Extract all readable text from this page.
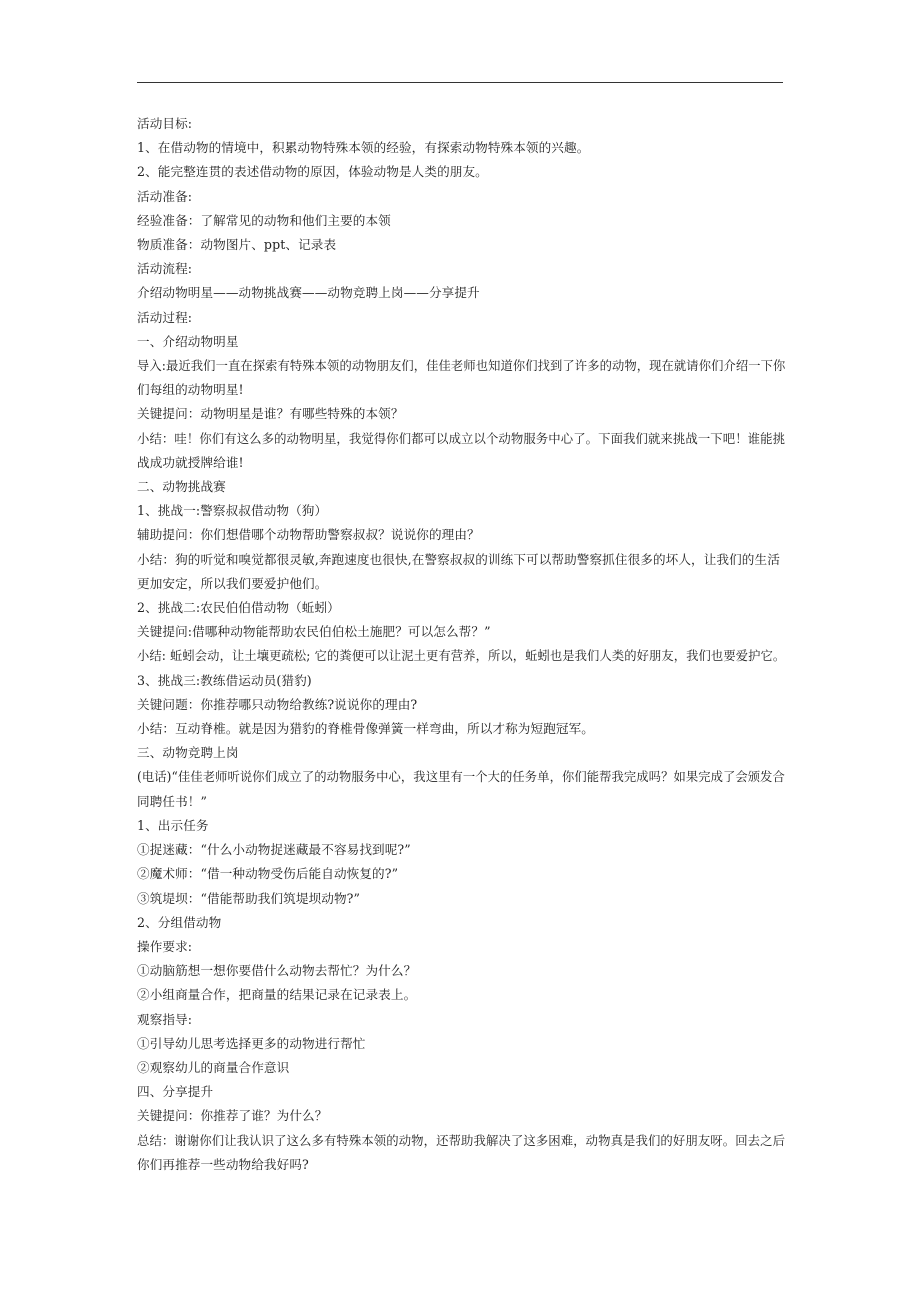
活动目标:
1、在借动物的情境中，积累动物特殊本领的经验，有探索动物特殊本领的兴趣。
2、能完整连贯的表述借动物的原因，体验动物是人类的朋友。
活动准备:
经验准备：了解常见的动物和他们主要的本领
物质准备：动物图片、ppt、记录表
活动流程:
介绍动物明星——动物挑战赛——动物竞聘上岗——分享提升
活动过程:
一、介绍动物明星
导入:最近我们一直在探索有特殊本领的动物朋友们，佳佳老师也知道你们找到了许多的动物，现在就请你们介绍一下你
们每组的动物明星!
关键提问：动物明星是谁？有哪些特殊的本领？
小结：哇！你们有这么多的动物明星，我觉得你们都可以成立以个动物服务中心了。下面我们就来挑战一下吧！谁能挑
战成功就授牌给谁!
二、动物挑战赛
1、挑战一:警察叔叔借动物（狗）
辅助提问：你们想借哪个动物帮助警察叔叔？说说你的理由？
小结：狗的听觉和嗅觉都很灵敏,奔跑速度也很快,在警察叔叔的训练下可以帮助警察抓住很多的坏人，让我们的生活
更加安定，所以我们要爱护他们。
2、挑战二:农民伯伯借动物（蚯蚓）
关键提问:借哪种动物能帮助农民伯伯松土施肥？可以怎么帮？”
小结: 蚯蚓会动，让土壤更疏松; 它的粪便可以让泥土更有营养，所以，蚯蚓也是我们人类的好朋友，我们也要爱护它。
3、挑战三:教练借运动员(猎豹)
关键问题：你推荐哪只动物给教练?说说你的理由?
小结：互动脊椎。就是因为猎豹的脊椎骨像弹簧一样弯曲，所以才称为短跑冠军。
三、动物竞聘上岗
(电话)“佳佳老师听说你们成立了的动物服务中心，我这里有一个大的任务单，你们能帮我完成吗？如果完成了会颁发合
同聘任书！”
1、出示任务
①捉迷藏：“什么小动物捉迷藏最不容易找到呢?”
②魔术师：“借一种动物受伤后能自动恢复的?”
③筑堤坝：“借能帮助我们筑堤坝动物?”
2、分组借动物
操作要求:
①动脑筋想一想你要借什么动物去帮忙？为什么？
②小组商量合作，把商量的结果记录在记录表上。
观察指导:
①引导幼儿思考选择更多的动物进行帮忙
②观察幼儿的商量合作意识
四、分享提升
关键提问：你推荐了谁？为什么？
总结：谢谢你们让我认识了这么多有特殊本领的动物，还帮助我解决了这多困难，动物真是我们的好朋友呀。回去之后
你们再推荐一些动物给我好吗?
